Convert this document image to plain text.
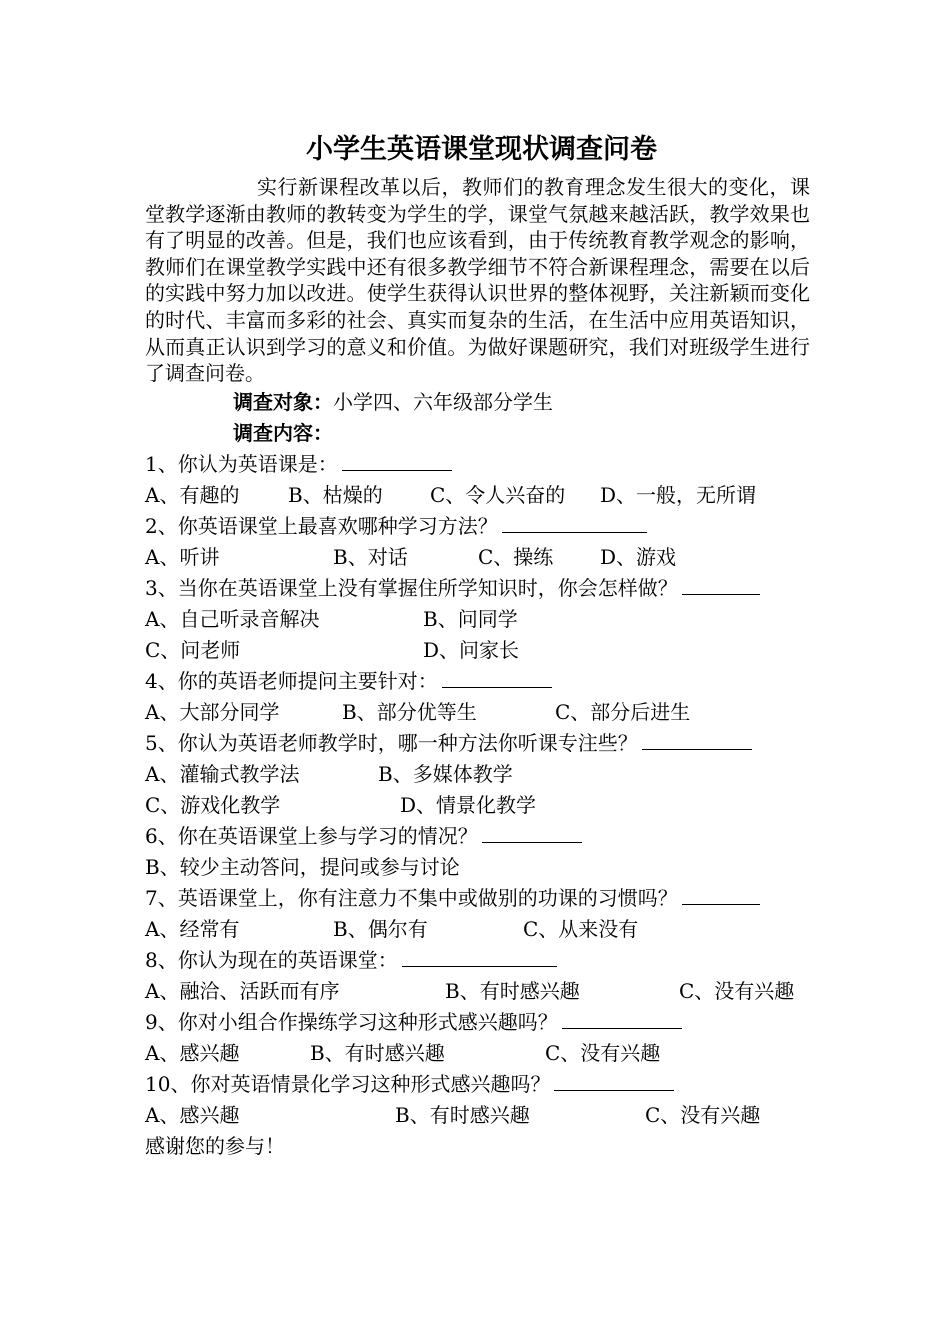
小学生英语课堂现状调查问卷

实行新课程改革以后，教师们的教育理念发生很大的变化，课堂教学逐渐由教师的教转变为学生的学，课堂气氛越来越活跃，教学效果也有了明显的改善。但是，我们也应该看到，由于传统教育教学观念的影响，教师们在课堂教学实践中还有很多教学细节不符合新课程理念，需要在以后的实践中努力加以改进。使学生获得认识世界的整体视野，关注新颖而变化的时代、丰富而多彩的社会、真实而复杂的生活，在生活中应用英语知识，从而真正认识到学习的意义和价值。为做好课题研究，我们对班级学生进行了调查问卷。

调查对象：小学四、六年级部分学生
调查内容：
1、你认为英语课是：
A、有趣的 B、枯燥的 C、令人兴奋的 D、一般，无所谓
2、你英语课堂上最喜欢哪种学习方法？
A、听讲	B、对话	C、操练 D、游戏
3、当你在英语课堂上没有掌握住所学知识时，你会怎样做？
A、自己听录音解决	B、问同学
C、问老师	D、问家长
4、你的英语老师提问主要针对：
A、大部分同学	B、部分优等生	C、部分后进生
5、你认为英语老师教学时，哪一种方法你听课专注些？
A、灌输式教学法	B、多媒体教学
C、游戏化教学	D、情景化教学
6、你在英语课堂上参与学习的情况？
B、较少主动答问，提问或参与讨论
7、英语课堂上，你有注意力不集中或做别的功课的习惯吗？
A、经常有	B、偶尔有	C、从来没有
8、你认为现在的英语课堂：
A、融洽、活跃而有序	B、有时感兴趣	C、没有兴趣
9、你对小组合作操练学习这种形式感兴趣吗？
A、感兴趣	B、有时感兴趣	C、没有兴趣
10、你对英语情景化学习这种形式感兴趣吗？
A、感兴趣	B、有时感兴趣	C、没有兴趣
感谢您的参与！
